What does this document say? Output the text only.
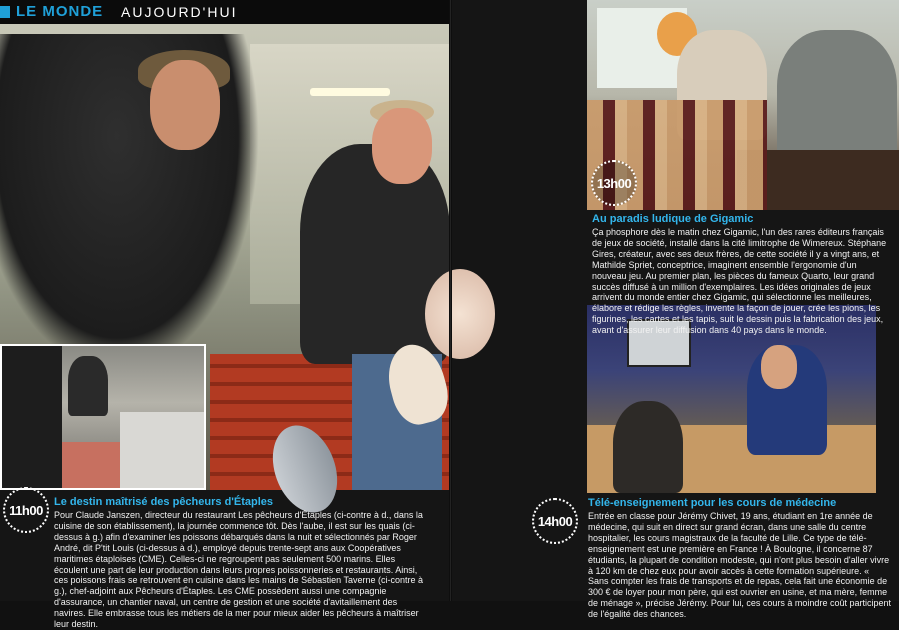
LE MONDE AUJOURD'HUI
11h00
13h00
14h00
Le destin maîtrisé des pêcheurs d'Étaples

Pour Claude Janszen, directeur du restaurant Les pêcheurs d'Étaples (ci-contre à d., dans la cuisine de son établissement), la journée commence tôt. Dès l'aube, il est sur les quais (ci-dessus à g.) afin d'examiner les poissons débarqués dans la nuit et sélectionnés par Roger André, dit P'tit Louis (ci-dessus à d.), employé depuis trente-sept ans aux Coopératives maritimes étaploises (CME). Celles-ci ne regroupent pas seulement 500 marins. Elles écoulent une part de leur production dans leurs propres poissonneries et restaurants. Ainsi, ces poissons frais se retrouvent en cuisine dans les mains de Sébastien Taverne (ci-contre à g.), chef-adjoint aux Pêcheurs d'Étaples. Les CME possèdent aussi une compagnie d'assurance, un chantier naval, un centre de gestion et une société d'avitaillement des navires. Elle embrasse tous les métiers de la mer pour mieux aider les pêcheurs à maîtriser leur destin.

Au paradis ludique de Gigamic

Ça phosphore dès le matin chez Gigamic, l'un des rares éditeurs français de jeux de société, installé dans la cité limitrophe de Wimereux. Stéphane Gires, créateur, avec ses deux frères, de cette société il y a vingt ans, et Mathilde Spriet, conceptrice, imaginent ensemble l'ergonomie d'un nouveau jeu. Au premier plan, les pièces du fameux Quarto, leur grand succès diffusé à un million d'exemplaires. Les idées originales de jeux arrivent du monde entier chez Gigamic, qui sélectionne les meilleures, élabore et rédige les règles, invente la façon de jouer, crée les pions, les figurines, les cartes et les tapis, suit le dessin puis la fabrication des jeux, avant d'assurer leur diffusion dans 40 pays dans le monde.

Télé-enseignement pour les cours de médecine

Entrée en classe pour Jérémy Chivet, 19 ans, étudiant en 1re année de médecine, qui suit en direct sur grand écran, dans une salle du centre hospitalier, les cours magistraux de la faculté de Lille. Ce type de télé-enseignement est une première en France ! À Boulogne, il concerne 87 étudiants, la plupart de condition modeste, qui n'ont plus besoin d'aller vivre à 120 km de chez eux pour avoir accès à cette formation supérieure. « Sans compter les frais de transports et de repas, cela fait une économie de 300 € de loyer pour mon père, qui est ouvrier en usine, et ma mère, femme de ménage », précise Jérémy. Pour lui, ces cours à moindre coût participent de l'égalité des chances.
